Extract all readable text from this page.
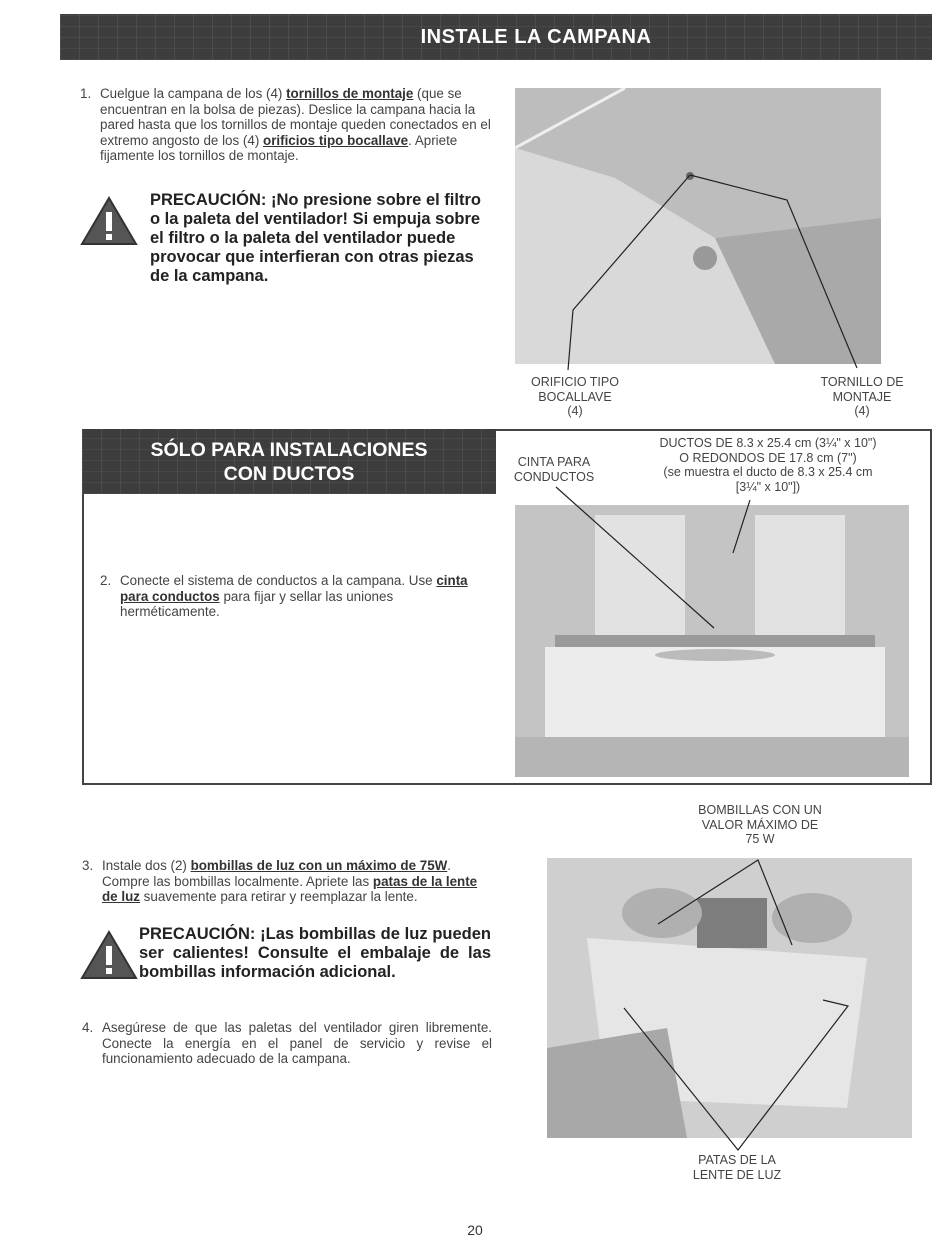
INSTALE LA CAMPANA
1. Cuelgue la campana de los (4) tornillos de montaje (que se encuentran en la bolsa de piezas). Deslice la campana hacia la pared hasta que los tornillos de montaje queden conectados en el extremo angosto de los (4) orificios tipo bocallave. Apriete fijamente los tornillos de montaje.
PRECAUCIÓN: ¡No presione sobre el filtro o la paleta del ventilador! Si empuja sobre el filtro o la paleta del ventilador puede provocar que interfieran con otras piezas de la campana.
ORIFICIO TIPO
BOCALLAVE
(4)
TORNILLO DE
MONTAJE
(4)
SÓLO PARA INSTALACIONES
CON DUCTOS
CINTA PARA
CONDUCTOS
DUCTOS DE 8.3 x 25.4 cm (3¼" x 10")
O REDONDOS DE 17.8 cm (7")
(se muestra el ducto de 8.3 x 25.4 cm
[3¼" x 10"])
2. Conecte el sistema de conductos a la campana. Use cinta para conductos para fijar y sellar las uniones herméticamente.
BOMBILLAS CON UN
VALOR MÁXIMO DE
75 W
PATAS DE LA
LENTE DE LUZ
3. Instale dos (2) bombillas de luz con un máximo de 75W. Compre las bombillas localmente. Apriete las patas de la lente de luz suavemente para retirar y reemplazar la lente.
PRECAUCIÓN: ¡Las bombillas de luz pueden ser calientes! Consulte el embalaje de las bombillas información adicional.
4. Asegúrese de que las paletas del ventilador giren libremente. Conecte la energía en el panel de servicio y revise el funcionamiento adecuado de la campana.
20
